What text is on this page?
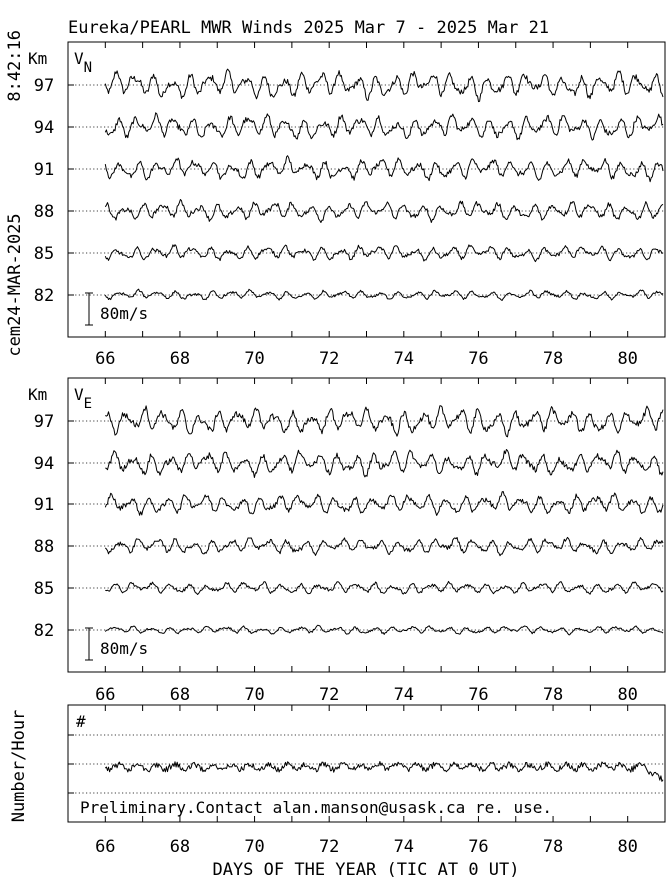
Eureka/PEARL MWR Winds 2025 Mar 7 - 2025 Mar 21
8:42:16
cem24-MAR-2025
DAYS OF THE YEAR (TIC AT 0 UT)
Km VN
97
94
91
88
85
82
80m/s
66	68	70	72	74	76	78	80
Km VE
97
94
91
88
85
82
80m/s
66	68	70	72	74	76	78	80
#
Number/Hour	Preliminary.Contact alan.manson@usask.ca re. use.
66	68	70	72	74	76	78	80
